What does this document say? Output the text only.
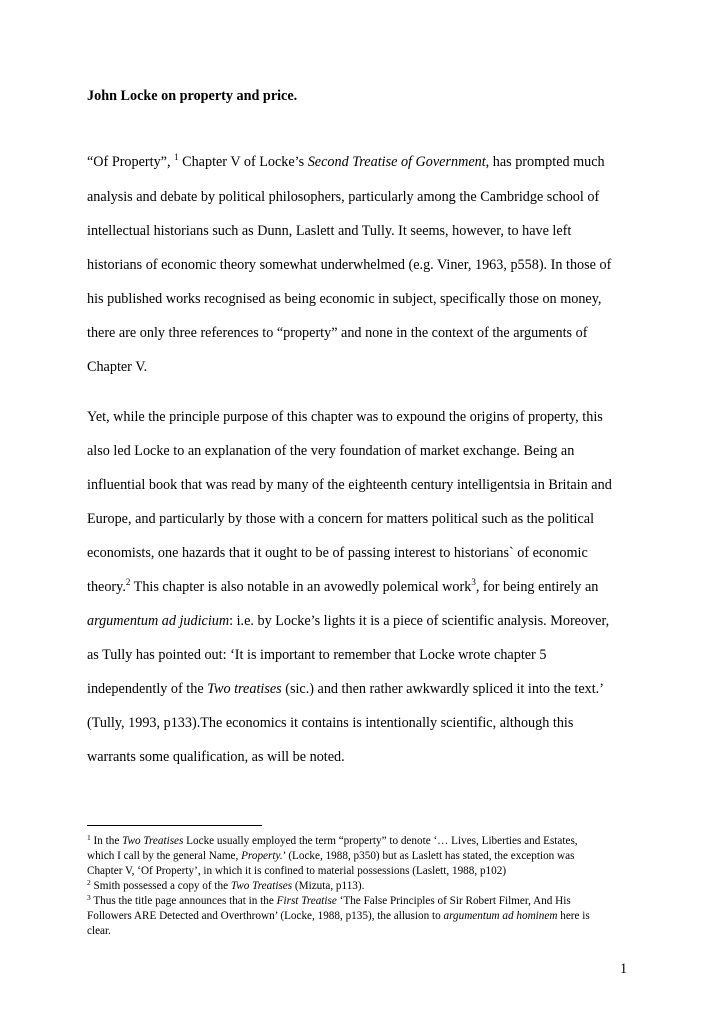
John Locke on property and price.

“Of Property”, $^1$ Chapter V of Locke’s Second Treatise of Government, has prompted much

analysis and debate by political philosophers, particularly among the Cambridge school of

intellectual historians such as Dunn, Laslett and Tully. It seems, however, to have left

historians of economic theory somewhat underwhelmed (e.g. Viner, 1963, p558). In those of

his published works recognised as being economic in subject, specifically those on money,

there are only three references to “property” and none in the context of the arguments of

Chapter V.

Yet, while the principle purpose of this chapter was to expound the origins of property, this

also led Locke to an explanation of the very foundation of market exchange. Being an

influential book that was read by many of the eighteenth century intelligentsia in Britain and

Europe, and particularly by those with a concern for matters political such as the political

economists, one hazards that it ought to be of passing interest to historians` of economic

theory.$^2$ This chapter is also notable in an avowedly polemical work$^3$, for being entirely an

argumentum ad judicium: i.e. by Locke’s lights it is a piece of scientific analysis. Moreover,

as Tully has pointed out: ‘It is important to remember that Locke wrote chapter 5

independently of the Two treatises (sic.) and then rather awkwardly spliced it into the text.’

(Tully, 1993, p133).The economics it contains is intentionally scientific, although this

warrants some qualification, as will be noted.

$^1$ In the Two Treatises Locke usually employed the term “property” to denote ‘… Lives, Liberties and Estates,

which I call by the general Name, Property.’ (Locke, 1988, p350) but as Laslett has stated, the exception was

Chapter V, ‘Of Property’, in which it is confined to material possessions (Laslett, 1988, p102)

$^2$ Smith possessed a copy of the Two Treatises (Mizuta, p113).

$^3$ Thus the title page announces that in the First Treatise ‘The False Principles of Sir Robert Filmer, And His

Followers ARE Detected and Overthrown’ (Locke, 1988, p135), the allusion to argumentum ad hominem here is

clear.

1
